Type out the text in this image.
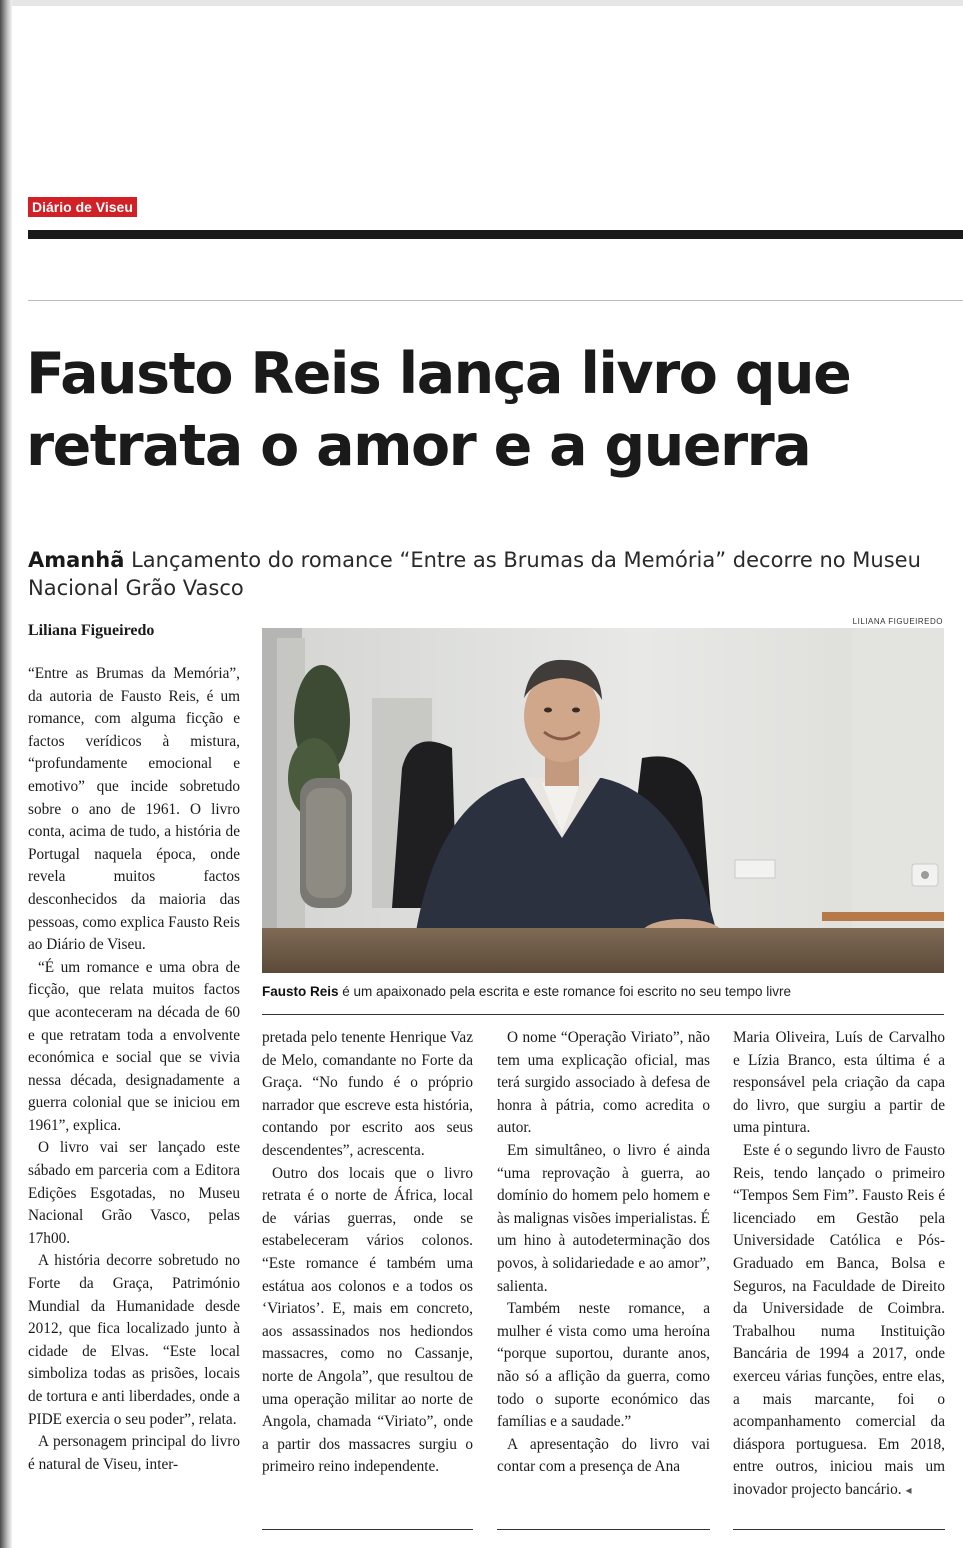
Diário de Viseu
Fausto Reis lança livro que retrata o amor e a guerra
Amanhã Lançamento do romance “Entre as Brumas da Memória” decorre no Museu Nacional Grão Vasco
Liliana Figueiredo
LILIANA FIGUEIREDO
Fausto Reis é um apaixonado pela escrita e este romance foi escrito no seu tempo livre

“Entre as Brumas da Memória”, da autoria de Fausto Reis, é um romance, com alguma ficção e factos verídicos à mistura, “profundamente emocional e emotivo” que incide sobretudo sobre o ano de 1961. O livro conta, acima de tudo, a história de Portugal naquela época, onde revela muitos factos desconhecidos da maioria das pessoas, como explica Fausto Reis ao Diário de Viseu.

“É um romance e uma obra de ficção, que relata muitos factos que aconteceram na década de 60 e que retratam toda a envolvente económica e social que se vivia nessa década, designadamente a guerra colonial que se iniciou em 1961”, explica.

O livro vai ser lançado este sábado em parceria com a Editora Edições Esgotadas, no Museu Nacional Grão Vasco, pelas 17h00.

A história decorre sobretudo no Forte da Graça, Património Mundial da Humanidade desde 2012, que fica localizado junto à cidade de Elvas. “Este local simboliza todas as prisões, locais de tortura e anti liberdades, onde a PIDE exercia o seu poder”, relata.

A personagem principal do livro é natural de Viseu, inter-

pretada pelo tenente Henrique Vaz de Melo, comandante no Forte da Graça. “No fundo é o próprio narrador que escreve esta história, contando por escrito aos seus descendentes”, acrescenta.

Outro dos locais que o livro retrata é o norte de África, local de várias guerras, onde se estabeleceram vários colonos. “Este romance é também uma estátua aos colonos e a todos os ‘Viriatos’. E, mais em concreto, aos assassinados nos hediondos massacres, como no Cassanje, norte de Angola”, que resultou de uma operação militar ao norte de Angola, chamada “Viriato”, onde a partir dos massacres surgiu o primeiro reino independente.

O nome “Operação Viriato”, não tem uma explicação oficial, mas terá surgido associado à defesa de honra à pátria, como acredita o autor.

Em simultâneo, o livro é ainda “uma reprovação à guerra, ao domínio do homem pelo homem e às malignas visões imperialistas. É um hino à autodeterminação dos povos, à solidariedade e ao amor”, salienta.

Também neste romance, a mulher é vista como uma heroína “porque suportou, durante anos, não só a aflição da guerra, como todo o suporte económico das famílias e a saudade.”

A apresentação do livro vai contar com a presença de Ana

Maria Oliveira, Luís de Carvalho e Lízia Branco, esta última é a responsável pela criação da capa do livro, que surgiu a partir de uma pintura.

Este é o segundo livro de Fausto Reis, tendo lançado o primeiro “Tempos Sem Fim”. Fausto Reis é licenciado em Gestão pela Universidade Católica e Pós-Graduado em Banca, Bolsa e Seguros, na Faculdade de Direito da Universidade de Coimbra. Trabalhou numa Instituição Bancária de 1994 a 2017, onde exerceu várias funções, entre elas, a mais marcante, foi o acompanhamento comercial da diáspora portuguesa. Em 2018, entre outros, iniciou mais um inovador projecto bancário. ◂
